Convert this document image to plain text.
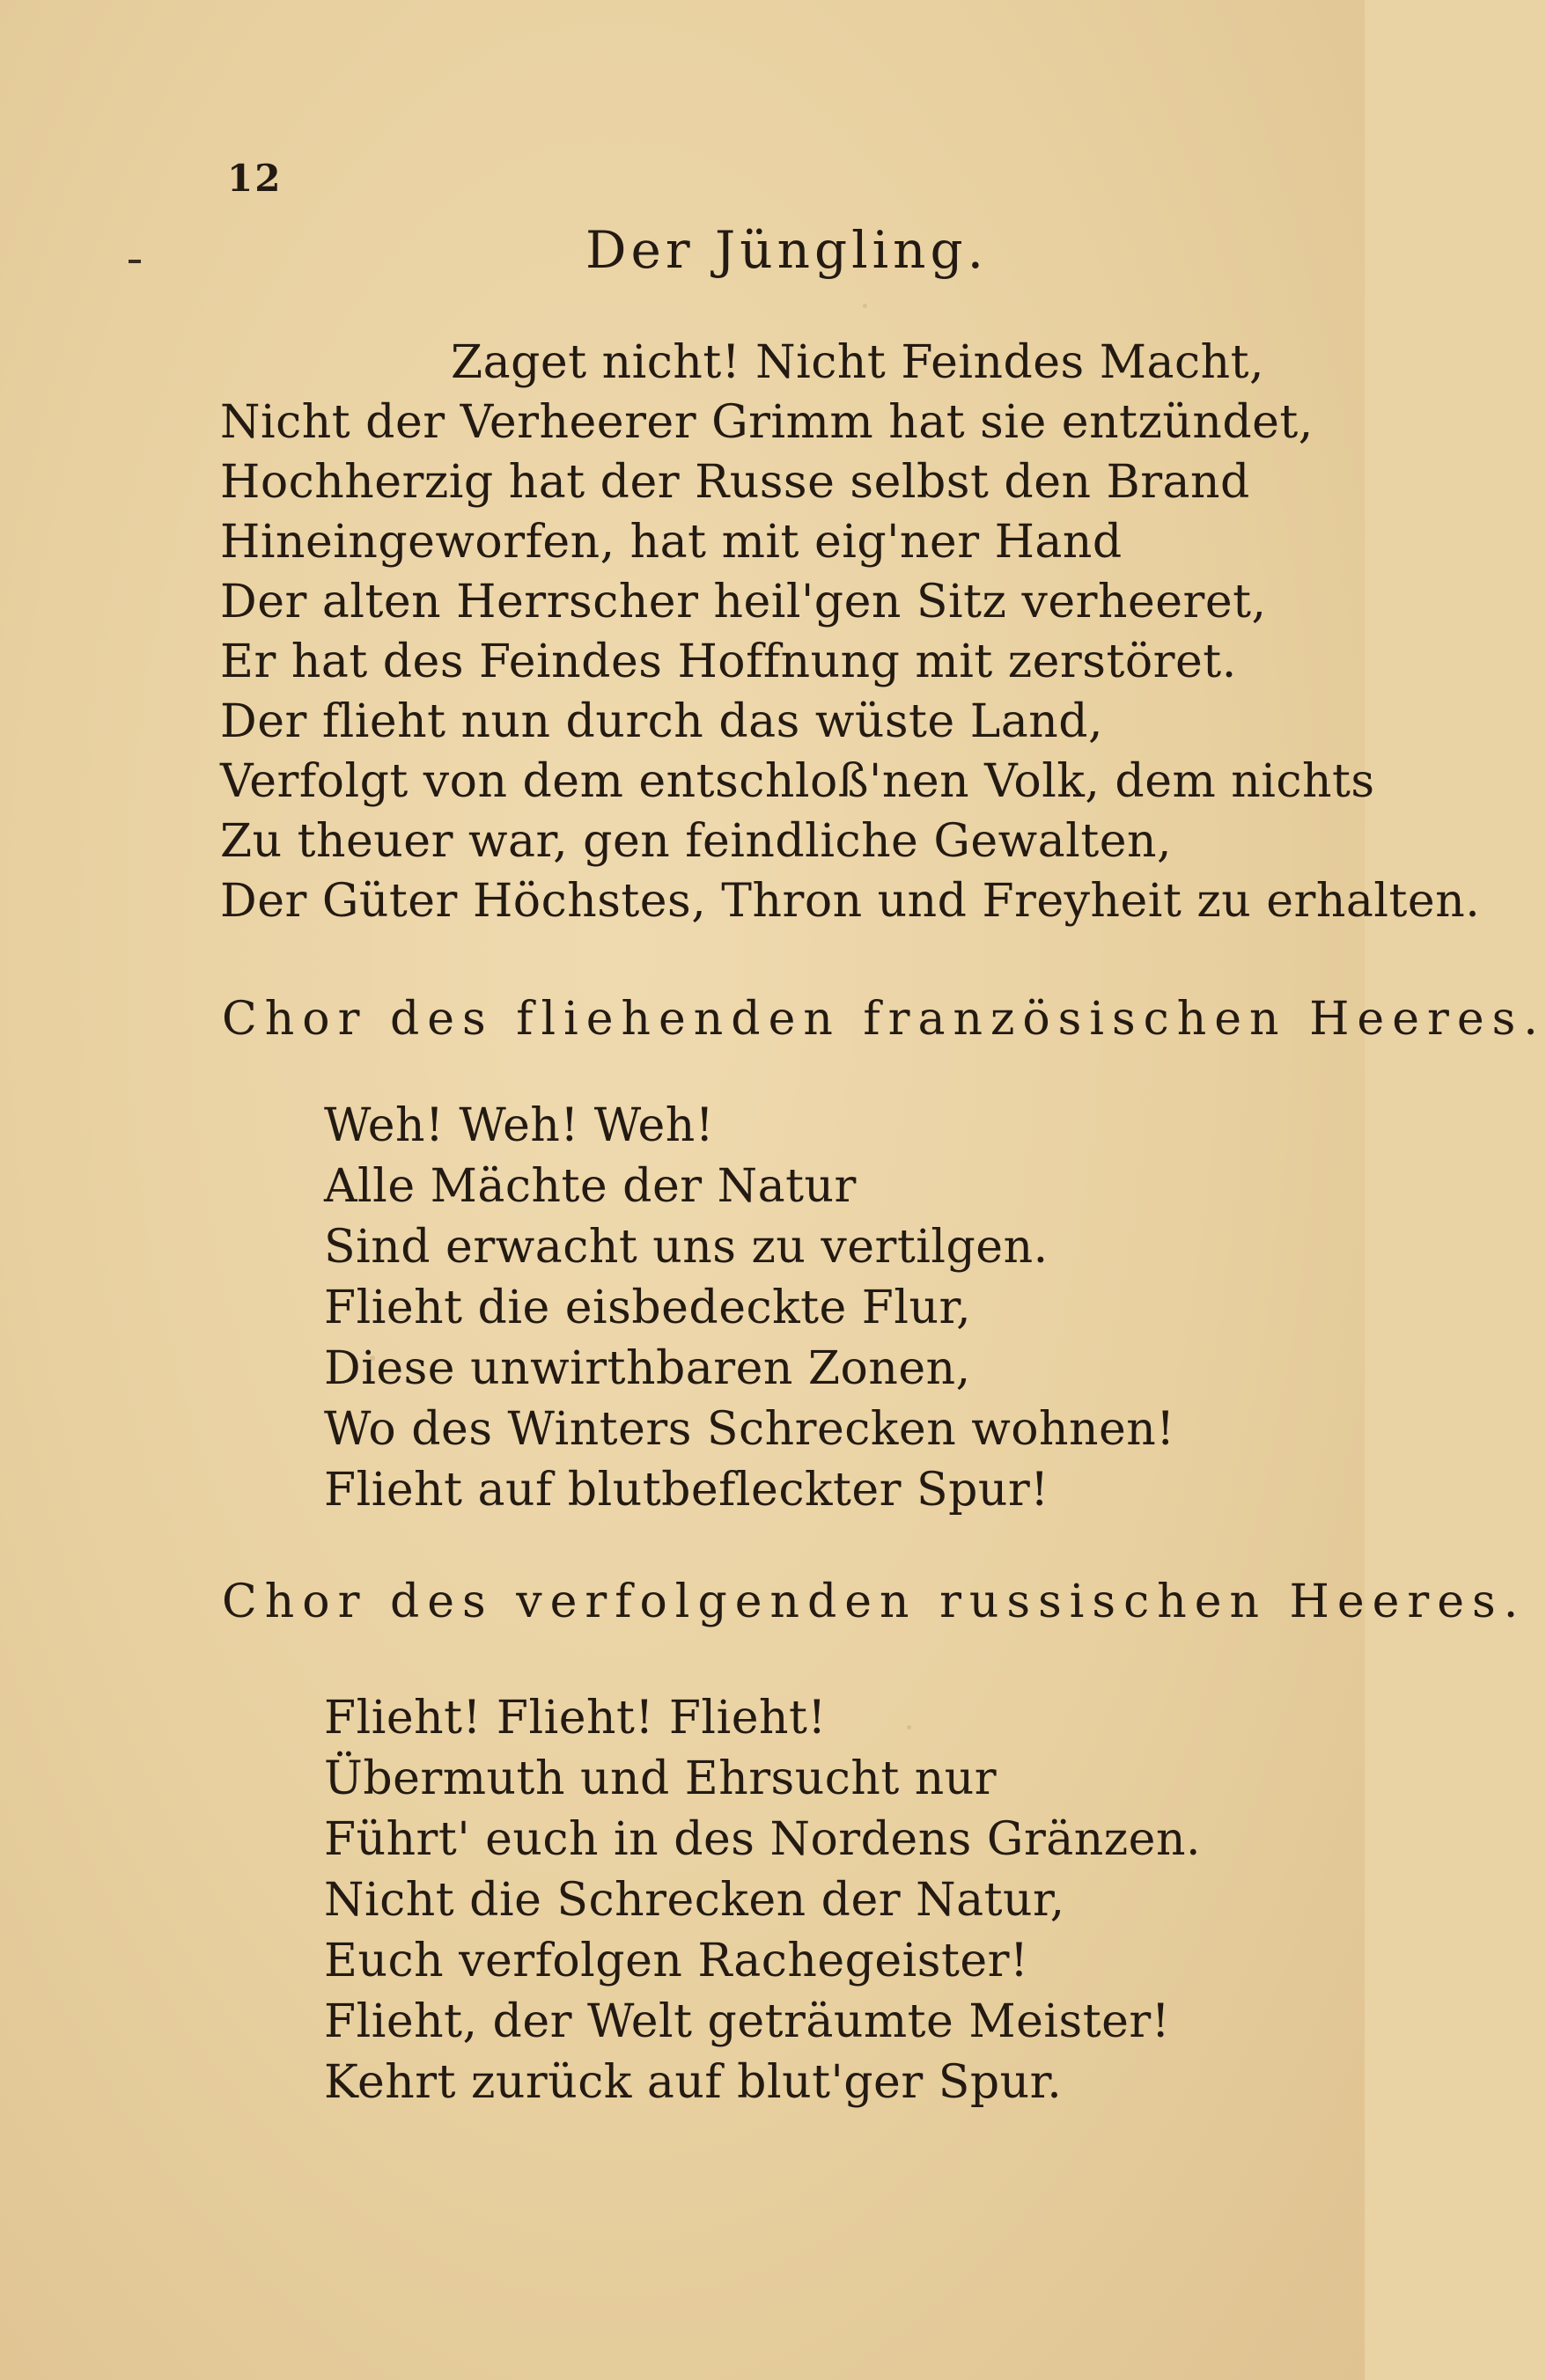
12
Der Jüngling.
Zaget nicht! Nicht Feindes Macht,
Nicht der Verheerer Grimm hat sie entzündet,
Hochherzig hat der Russe selbst den Brand
Hineingeworfen, hat mit eig'ner Hand
Der alten Herrscher heil'gen Sitz verheeret,
Er hat des Feindes Hoffnung mit zerstöret.
Der flieht nun durch das wüste Land,
Verfolgt von dem entschloß'nen Volk, dem nichts
Zu theuer war, gen feindliche Gewalten,
Der Güter Höchstes, Thron und Freyheit zu erhalten.
Chor des fliehenden französischen Heeres.
Weh! Weh! Weh!
Alle Mächte der Natur
Sind erwacht uns zu vertilgen.
Flieht die eisbedeckte Flur,
Diese unwirthbaren Zonen,
Wo des Winters Schrecken wohnen!
Flieht auf blutbefleckter Spur!
Chor des verfolgenden russischen Heeres.
Flieht! Flieht! Flieht!
Übermuth und Ehrsucht nur
Führt' euch in des Nordens Gränzen.
Nicht die Schrecken der Natur,
Euch verfolgen Rachegeister!
Flieht, der Welt geträumte Meister!
Kehrt zurück auf blut'ger Spur.
